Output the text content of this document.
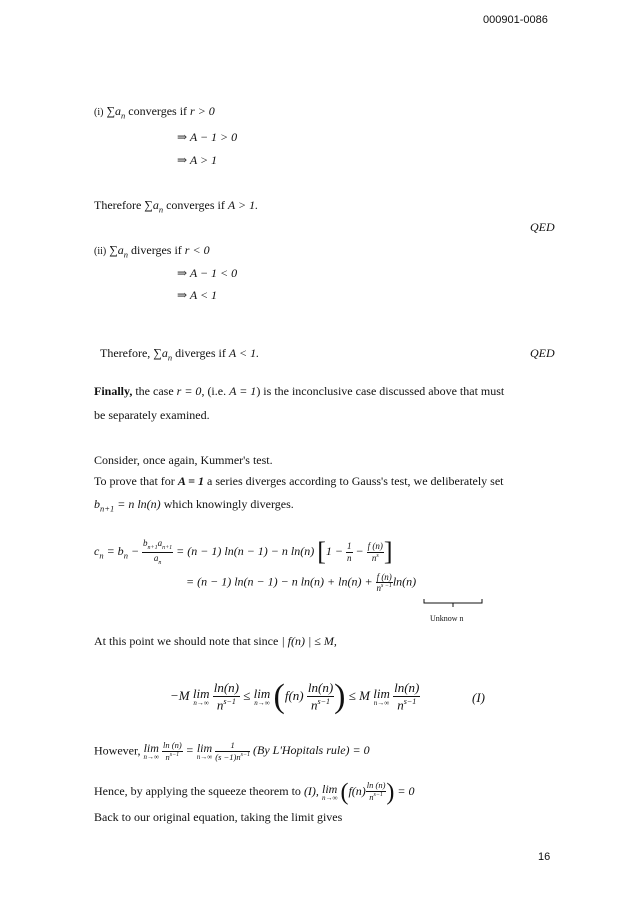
000901-0086
(i) $\sum a_n$ converges if r > 0
⇒ A − 1 > 0
⇒ A > 1
Therefore $\sum a_n$ converges if A > 1.
QED
(ii) $\sum a_n$ diverges if r < 0
⇒ A − 1 < 0
⇒ A < 1
Therefore, $\sum a_n$ diverges if A < 1.	QED
Finally, the case r = 0, (i.e. A = 1) is the inconclusive case discussed above that must
be separately examined.
Consider, once again, Kummer's test.
To prove that for A = 1 a series diverges according to Gauss's test, we deliberately set
$b_{n+1} = n$ ln(n) which knowingly diverges.
$c_n = b_n - \frac{b_{n+1}a_{n+1}}{a_n} = (n - 1) \ln(n - 1) - n$ ln(n) [$1 - \frac{1}{n} - \frac{f (n)}{n^s}$ ]
= (n − 1) ln(n − 1) − n $\ln(n) + \ln(n) + \frac{f (n)}{n^{s -1}} \ln(n)$
Unknow n
At this point we should note that since | f(n) | ≤ M,
−M lim
n→∞
$\frac{\ln(n)}{n^{s-1}} \le \lim$
n→∞ ($f(n) \frac{\ln(n)}{n^{s-1}}$ ) ≤ M lim
n→∞
$\frac{\ln(n)}{n^{s-1}}$	(I)
However, lim
n→∞
$\frac{\ln (n)}{n^{s-1}} = \lim$
n→∞
$\frac{1}{(s -1)n^{s-1}} (By$ L'Hopitals rule) = 0
Hence, by applying the squeeze theorem to (I), lim
n→∞ ($f(n) \frac{\ln (n)}{n^{s-1}}$ ) = 0
Back to our original equation, taking the limit gives
16
